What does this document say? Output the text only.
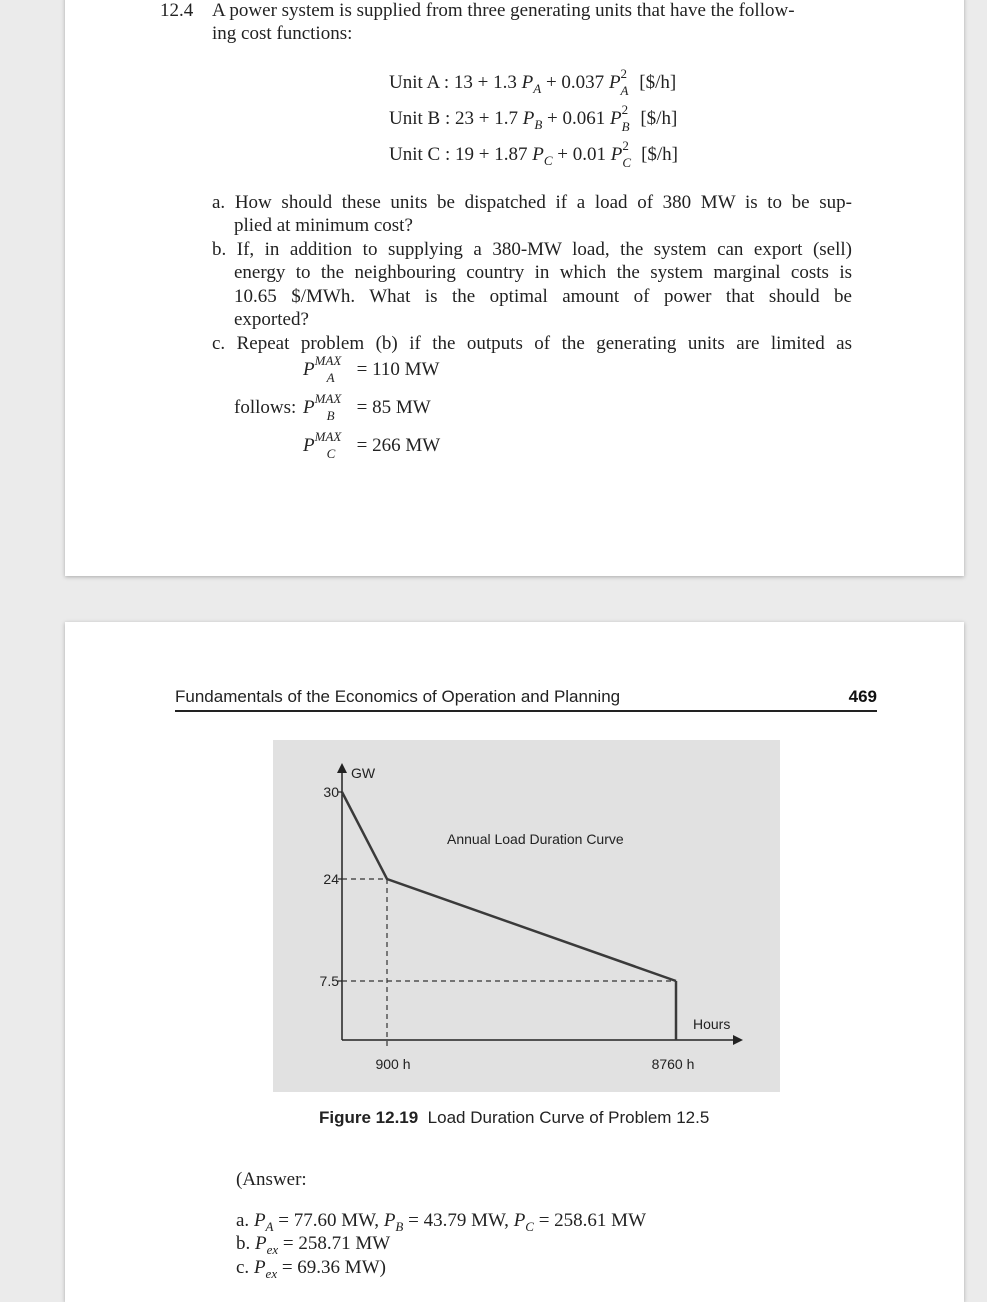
12.4 A power system is supplied from three generating units that have the follow-
ing cost functions:
Unit A : 13 + 1.3 $P_A + 0.037$ P 2
A [$/h]
Unit B : 23 + 1.7 $P_B + 0.061$ P 2
B [$/h]
Unit C : 19 + 1.87 $P_C + 0.01$ P 2
C [$/h]
a. How should these units be dispatched if a load of 380 MW is to be sup-
plied at minimum cost?
b. If, in addition to supplying a 380-MW load, the system can export (sell)
energy to the neighbouring country in which the system marginal costs is
10.65 $/MWh. What is the optimal amount of power that should be
exported?
c. Repeat problem (b) if the outputs of the generating units are limited as
P MAX
A = 110 MW
follows: P MAX
B = 85 MW
P MAX
C = 266 MW
Fundamentals of the Economics of Operation and Planning	469
Annual Load Duration Curve
GW
Hours
30
24
7.5
900 h	8760 h
Figure 12.19 Load Duration Curve of Problem 12.5
(Answer:
a. $P_A = 77.60$ MW, $P_B = 43.79$ MW, $P_C = 258.61$ MW
b. $P_{ex} = 258.71$ MW
c. $P_{ex} = 69.36$ MW)
